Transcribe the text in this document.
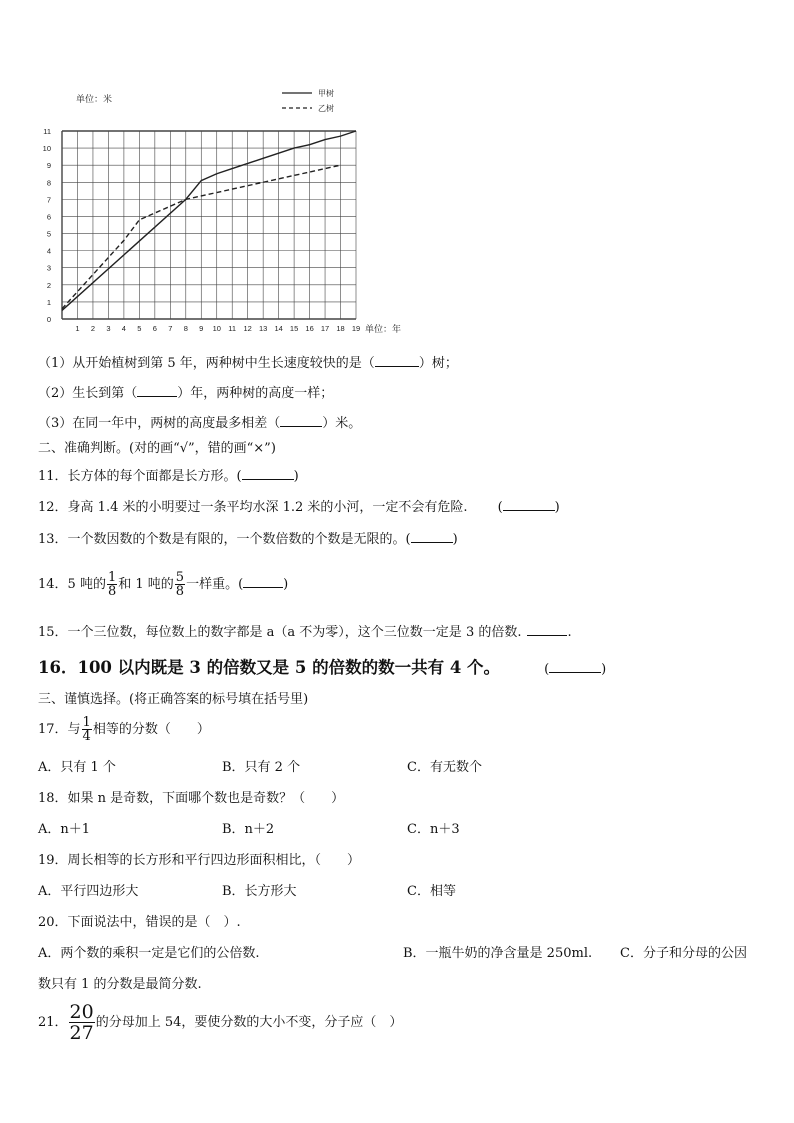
0
1
2
3
4
5
6
7
8
9
10
11
1 2 3 4 5 6 7 8 9 10 11 12 13 14 15 16 17 18 19
单位：米
单位：年
甲树
乙树
（1）从开始植树到第 5 年，两种树中生长速度较快的是（	）树；
（2）生长到第（	）年，两种树的高度一样；
（3）在同一年中，两树的高度最多相差（	）米。
二、准确判断。(对的画“√”，错的画“×”)
11．长方体的每个面都是长方形。(	)
12．身高 1.4 米的小明要过一条平均水深 1.2 米的小河，一定不会有危险. (	)
13．一个数因数的个数是有限的，一个数倍数的个数是无限的。(	)
14．5 吨的 $\frac{1}{8}$ 和 1 吨的 $\frac{5}{8}$ 一样重。(	)
15．一个三位数，每位数上的数字都是 a（a 不为零），这个三位数一定是 3 的倍数.	.
16．100 以内既是 3 的倍数又是 5 的倍数的数一共有 4 个。	(	)
三、谨慎选择。(将正确答案的标号填在括号里)
17．与 $\frac{1}{4}$ 相等的分数（　　）
A．只有 1 个	B．只有 2 个	C．有无数个
18．如果 n 是奇数，下面哪个数也是奇数？（　　）
A．n＋1	B．n＋2	C．n＋3
19．周长相等的长方形和平行四边形面积相比，（　　）
A．平行四边形大	B．长方形大	C．相等
20．下面说法中，错误的是（　）.
A．两个数的乘积一定是它们的公倍数.	B．一瓶牛奶的净含量是 250ml. C．分子和分母的公因
数只有 1 的分数是最简分数.
21． $\frac{20}{27}$ 的分母加上 54，要使分数的大小不变，分子应（　）
